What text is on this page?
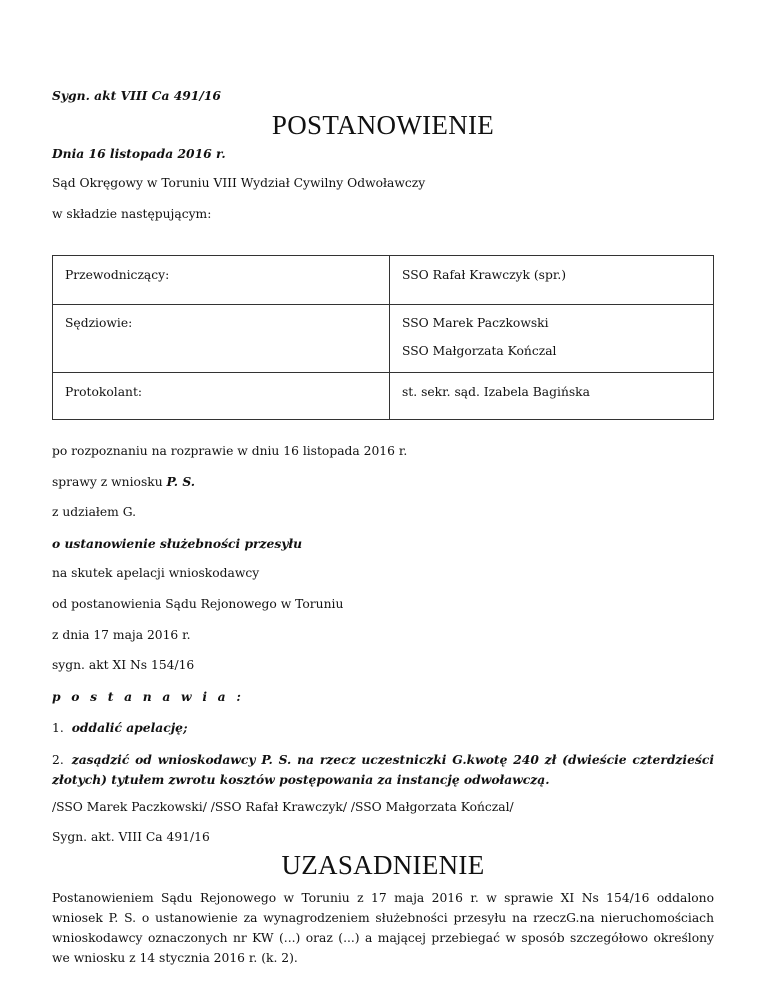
Sygn. akt VIII Ca 491/16
POSTANOWIENIE
Dnia 16 listopada 2016 r.
Sąd Okręgowy w Toruniu VIII Wydział Cywilny Odwoławczy
w składzie następującym:
Przewodniczący:	SSO Rafał Krawczyk (spr.)

Sędziowie:	SSO Marek Paczkowski
SSO Małgorzata Kończal

Protokolant:	st. sekr. sąd. Izabela Bagińska
po rozpoznaniu na rozprawie w dniu 16 listopada 2016 r.
sprawy z wniosku P. S.
z udziałem G.
o ustanowienie służebności przesyłu
na skutek apelacji wnioskodawcy
od postanowienia Sądu Rejonowego w Toruniu
z dnia 17 maja 2016 r.
sygn. akt XI Ns 154/16
p o s t a n a w i a :
1. oddalić apelację;
2. zasądzić od wnioskodawcy P. S. na rzecz uczestniczki G.kwotę 240 zł (dwieście czterdzieści złotych) tytułem zwrotu kosztów postępowania za instancję odwoławczą.
/SSO Marek Paczkowski/ /SSO Rafał Krawczyk/ /SSO Małgorzata Kończal/
Sygn. akt. VIII Ca 491/16
UZASADNIENIE
Postanowieniem Sądu Rejonowego w Toruniu z 17 maja 2016 r. w sprawie XI Ns 154/16 oddalono wniosek P. S. o ustanowienie za wynagrodzeniem służebności przesyłu na rzeczG.na nieruchomościach wnioskodawcy oznaczonych nr KW (...) oraz (...) a mającej przebiegać w sposób szczegółowo określony we wniosku z 14 stycznia 2016 r. (k. 2).
